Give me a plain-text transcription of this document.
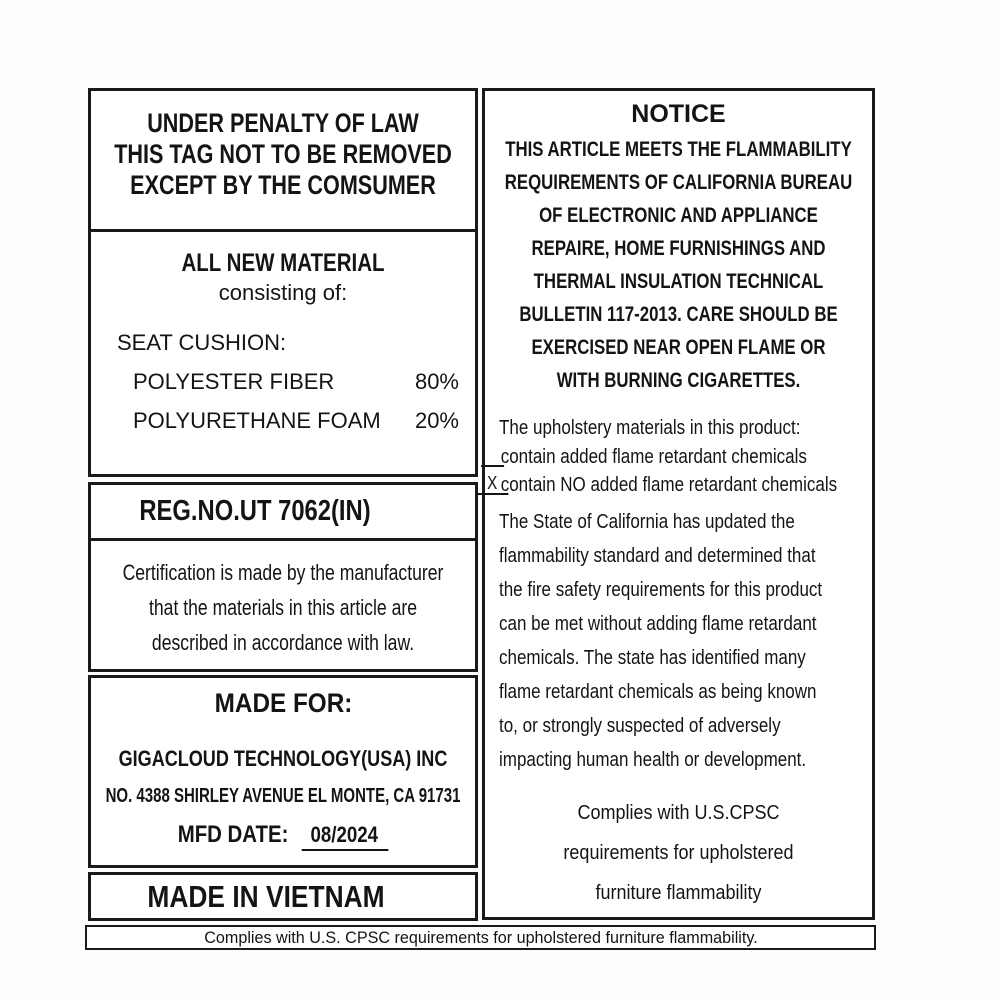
UNDER PENALTY OF LAW
THIS TAG NOT TO BE REMOVED
EXCEPT BY THE COMSUMER
ALL NEW MATERIAL
consisting of:
SEAT CUSHION:
POLYESTER FIBER	80%
POLYURETHANE FOAM 20%
REG.NO.UT 7062(IN)
Certification is made by the manufacturer
that the materials in this article are
described in accordance with law.
MADE FOR:
GIGACLOUD TECHNOLOGY(USA) INC
NO. 4388 SHIRLEY AVENUE EL MONTE, CA 91731
MFD DATE:	08/2024
MADE IN VIETNAM
NOTICE
THIS ARTICLE MEETS THE FLAMMABILITY
REQUIREMENTS OF CALIFORNIA BUREAU
OF ELECTRONIC AND APPLIANCE
REPAIRE, HOME FURNISHINGS AND
THERMAL INSULATION TECHNICAL
BULLETIN 117-2013. CARE SHOULD BE
EXERCISED NEAR OPEN FLAME OR
WITH BURNING CIGARETTES.
The upholstery materials in this product:
contain added flame retardant chemicals
X contain NO added flame retardant chemicals
The State of California has updated the
flammability standard and determined that
the fire safety requirements for this product
can be met without adding flame retardant
chemicals. The state has identified many
flame retardant chemicals as being known
to, or strongly suspected of adversely
impacting human health or development.
Complies with U.S.CPSC
requirements for upholstered
furniture flammability
Complies with U.S. CPSC requirements for upholstered furniture flammability.
